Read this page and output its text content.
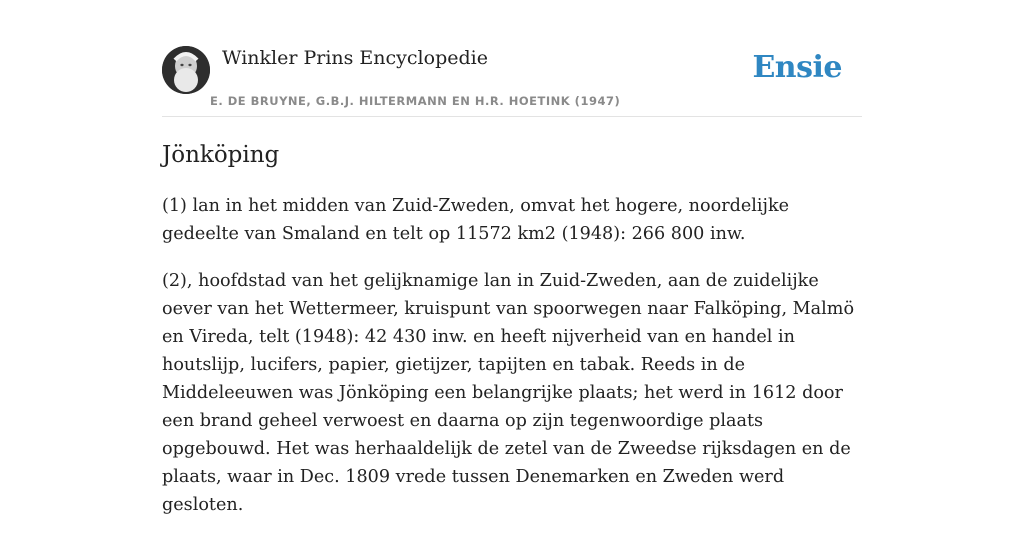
Winkler Prins Encyclopedie
E. DE BRUYNE, G.B.J. HILTERMANN EN H.R. HOETINK (1947)
Ensie
Jönköping

(1) lan in het midden van Zuid-Zweden, omvat het hogere, noordelijke gedeelte van Smaland en telt op 11572 km2 (1948): 266 800 inw.

(2), hoofdstad van het gelijknamige lan in Zuid-Zweden, aan de zuidelijke oever van het Wettermeer, kruispunt van spoorwegen naar Falköping, Malmö en Vireda, telt (1948): 42 430 inw. en heeft nijverheid van en handel in houtslijp, lucifers, papier, gietijzer, tapijten en tabak. Reeds in de Middeleeuwen was Jönköping een belangrijke plaats; het werd in 1612 door een brand geheel verwoest en daarna op zijn tegenwoordige plaats opgebouwd. Het was herhaaldelijk de zetel van de Zweedse rijksdagen en de plaats, waar in Dec. 1809 vrede tussen Denemarken en Zweden werd gesloten.
